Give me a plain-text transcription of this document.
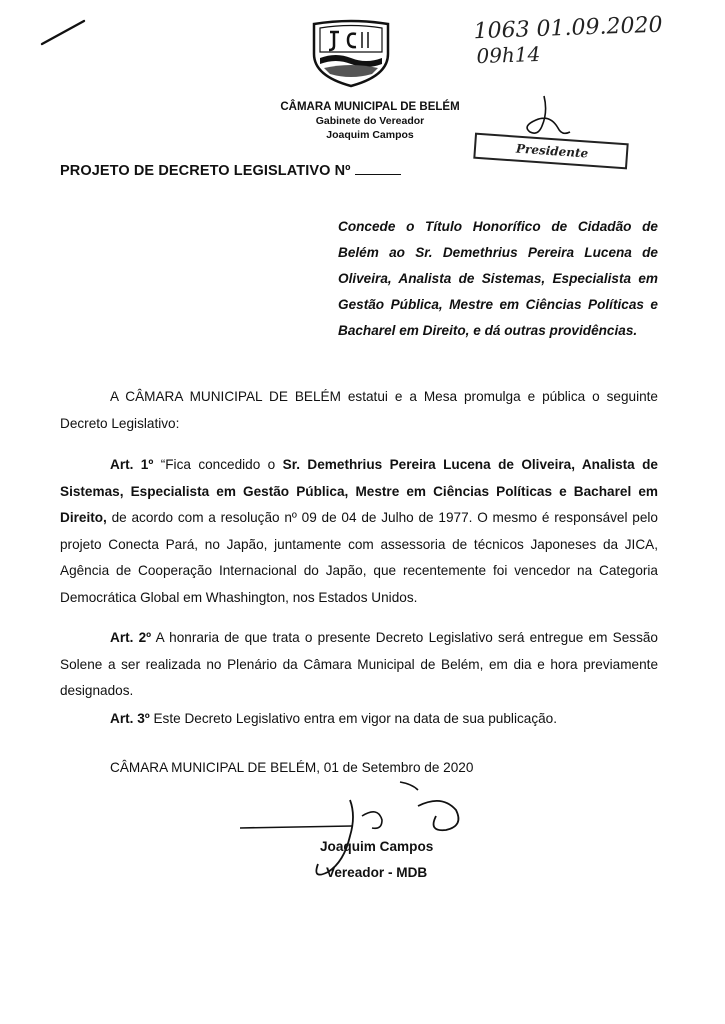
1063 01.09.2020
09h14
CÂMARA MUNICIPAL DE BELÉM
Gabinete do Vereador
Joaquim Campos
Presidente
PROJETO DE DECRETO LEGISLATIVO Nº
Concede o Título Honorífico de Cidadão de Belém ao Sr. Demethrius Pereira Lucena de Oliveira, Analista de Sistemas, Especialista em Gestão Pública, Mestre em Ciências Políticas e Bacharel em Direito, e dá outras providências.
A CÂMARA MUNICIPAL DE BELÉM estatui e a Mesa promulga e pública o seguinte Decreto Legislativo:
Art. 1º “Fica concedido o Sr. Demethrius Pereira Lucena de Oliveira, Analista de Sistemas, Especialista em Gestão Pública, Mestre em Ciências Políticas e Bacharel em Direito, de acordo com a resolução nº 09 de 04 de Julho de 1977. O mesmo é responsável pelo projeto Conecta Pará, no Japão, juntamente com assessoria de técnicos Japoneses da JICA, Agência de Cooperação Internacional do Japão, que recentemente foi vencedor na Categoria Democrática Global em Whashington, nos Estados Unidos.
Art. 2º A honraria de que trata o presente Decreto Legislativo será entregue em Sessão Solene a ser realizada no Plenário da Câmara Municipal de Belém, em dia e hora previamente designados.
Art. 3º Este Decreto Legislativo entra em vigor na data de sua publicação.
CÂMARA MUNICIPAL DE BELÉM, 01 de Setembro de 2020
Joaquim Campos
Vereador - MDB
